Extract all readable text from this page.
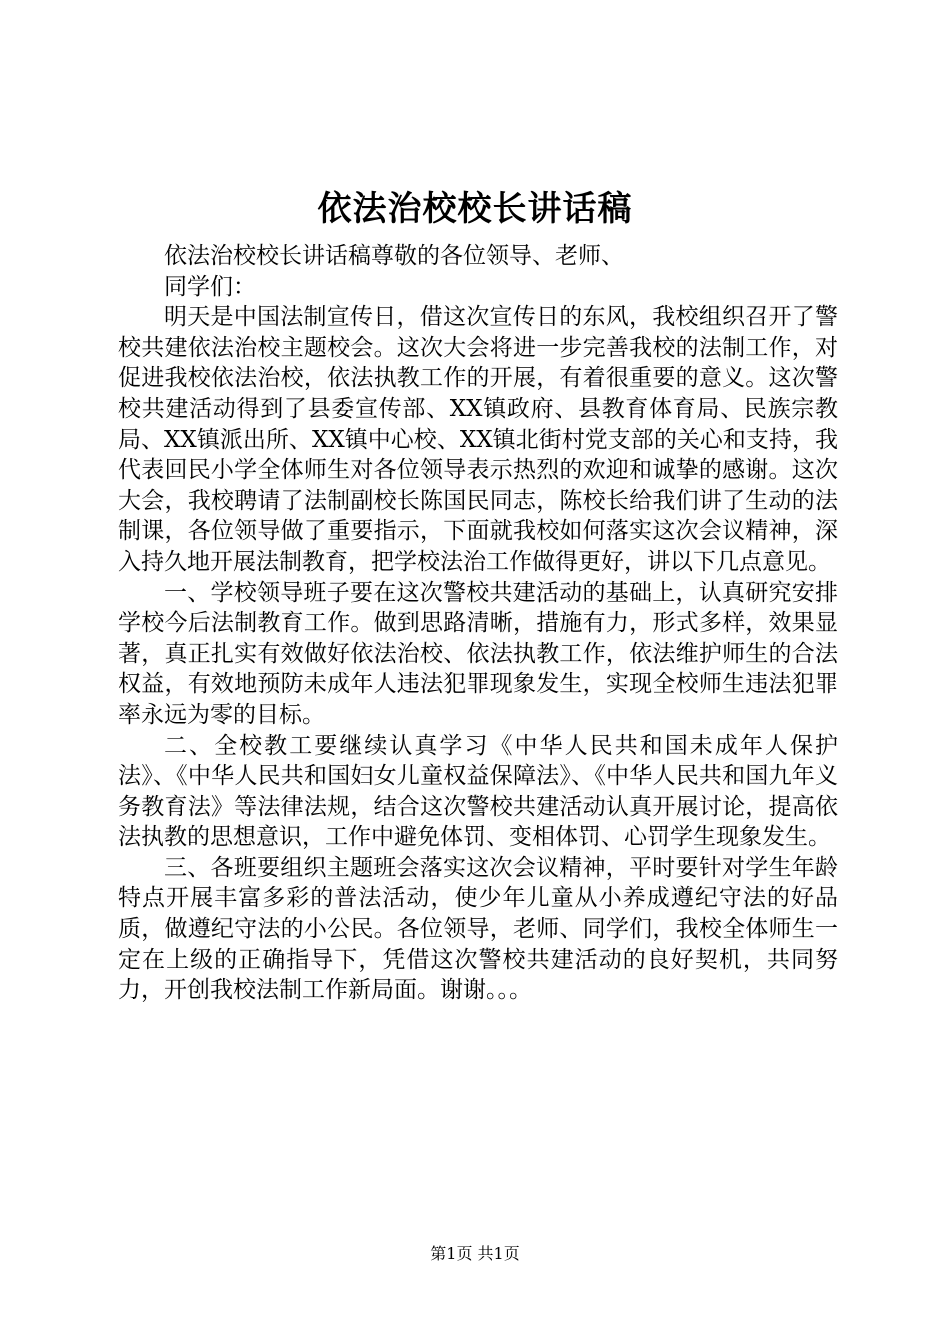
依法治校校长讲话稿

依法治校校长讲话稿尊敬的各位领导、老师、

同学们：

明天是中国法制宣传日，借这次宣传日的东风，我校组织召开了警校共建依法治校主题校会。这次大会将进一步完善我校的法制工作，对促进我校依法治校，依法执教工作的开展，有着很重要的意义。这次警校共建活动得到了县委宣传部、XX镇政府、县教育体育局、民族宗教局、XX镇派出所、XX镇中心校、XX镇北街村党支部的关心和支持，我代表回民小学全体师生对各位领导表示热烈的欢迎和诚挚的感谢。这次大会，我校聘请了法制副校长陈国民同志，陈校长给我们讲了生动的法制课，各位领导做了重要指示，下面就我校如何落实这次会议精神，深入持久地开展法制教育，把学校法治工作做得更好，讲以下几点意见。

一、学校领导班子要在这次警校共建活动的基础上，认真研究安排学校今后法制教育工作。做到思路清晰，措施有力，形式多样，效果显著，真正扎实有效做好依法治校、依法执教工作，依法维护师生的合法权益，有效地预防未成年人违法犯罪现象发生，实现全校师生违法犯罪率永远为零的目标。

二、全校教工要继续认真学习《中华人民共和国未成年人保护法》、《中华人民共和国妇女儿童权益保障法》、《中华人民共和国九年义务教育法》等法律法规，结合这次警校共建活动认真开展讨论，提高依法执教的思想意识，工作中避免体罚、变相体罚、心罚学生现象发生。

三、各班要组织主题班会落实这次会议精神，平时要针对学生年龄特点开展丰富多彩的普法活动，使少年儿童从小养成遵纪守法的好品质，做遵纪守法的小公民。各位领导，老师、同学们，我校全体师生一定在上级的正确指导下，凭借这次警校共建活动的良好契机，共同努力，开创我校法制工作新局面。谢谢。。。

第1页 共1页
